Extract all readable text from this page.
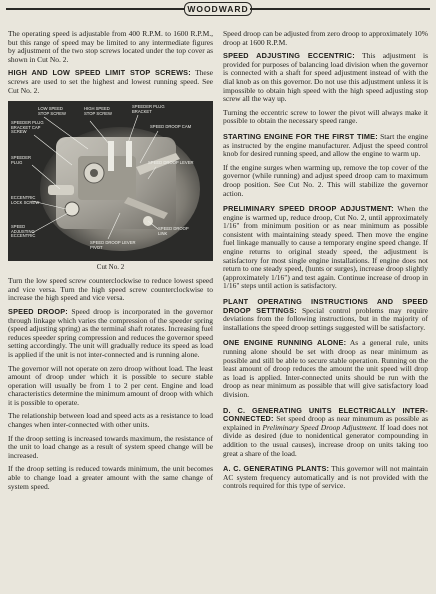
WOODWARD

The operating speed is adjustable from 400 R.P.M. to 1600 R.P.M., but this range of speed may be limited to any intermediate figures by adjustment of the two stop screws located under the top cover as shown in Cut No. 2.

HIGH AND LOW SPEED LIMIT STOP SCREWS: These screws are used to set the highest and lowest running speed. See Cut No. 2.

LOW SPEED
STOP SCREW
HIGH SPEED
STOP SCREW
SPEEDER PLUG
BRACKET
SPEEDER PLUG
BRACKET CAP
SCREW
SPEED DROOP CAM
SPEEDER
PLUG	SPEED DROOP LEVER
ECCENTRIC
LOCK SCREW
SPEED
ADJUSTING
ECCENTRIC
SPEED DROOP
LINK
SPEED DROOP LEVER
PIVOT
Cut No. 2

Turn the low speed screw counterclockwise to reduce lowest speed and vice versa. Turn the high speed screw counterclockwise to increase the high speed and vice versa.

SPEED DROOP: Speed droop is incorporated in the governor through linkage which varies the compression of the speeder spring (speed adjusting spring) as the terminal shaft rotates. Increasing fuel reduces speeder spring compression and reduces the governor speed setting accordingly. The unit will gradually reduce its speed as load is applied if the unit is not inter-connected and is running alone.

The governor will not operate on zero droop without load. The least amount of droop under which it is possible to secure stable operation will usually be from 1 to 2 per cent. Engine and load characteristics determine the minimum amount of droop with which it is possible to operate.

The relationship between load and speed acts as a resistance to load changes when inter-connected with other units.

If the droop setting is increased towards maximum, the resistance of the unit to load change as a result of system speed change will be increased.

If the droop setting is reduced towards minimum, the unit becomes able to change load a greater amount with the same change of system speed.

Speed droop can be adjusted from zero droop to approximately 10% droop at 1600 R.P.M.

SPEED ADJUSTING ECCENTRIC: This adjustment is provided for purposes of balancing load division when the governor is connected with a shaft for speed adjustment instead of with the dial knob as on this governor. Do not use this adjustment unless it is impossible to obtain high speed with the high speed adjusting stop screw all the way up.

Turning the eccentric screw to lower the pivot will always make it possible to obtain the necessary speed range.

STARTING ENGINE FOR THE FIRST TIME: Start the engine as instructed by the engine manufacturer. Adjust the speed control knob for desired running speed, and allow the engine to warm up.

If the engine surges when warming up, remove the top cover of the governor (while running) and adjust speed droop cam to maximum droop position. See Cut No. 2. This will stabilize the governor action.

PRELIMINARY SPEED DROOP ADJUSTMENT: When the engine is warmed up, reduce droop, Cut No. 2, until approximately 1/16" from minimum position or as near minimum as possible consistent with maintaining steady speed. Then move the engine fuel linkage manually to cause a temporary engine speed change. If engine returns to original steady speed, the adjustment is satisfactory for most single engine installations. If engine does not return to one steady speed, (hunts or surges), increase droop slightly (approximately 1/16") and test again. Continue increase of droop in 1/16" steps until action is satisfactory.

PLANT OPERATING INSTRUCTIONS AND SPEED DROOP SETTINGS: Special control problems may require deviations from the following instructions, but in the majority of installations the speed droop settings suggested will be satisfactory.

ONE ENGINE RUNNING ALONE: As a general rule, units running alone should be set with droop as near minimum as possible and still be able to secure stable operation. Running on the least amount of droop reduces the amount the unit speed will drop as load is applied. Inter-connected units should be run with the droop as near minimum as possible that will give satisfactory load division.

D. C. GENERATING UNITS ELECTRICALLY INTER-CONNECTED: Set speed droop as near minumum as possible as explained in Preliminary Speed Droop Adjustment. If load does not divide as desired (due to nonidentical generator compounding in addition to the usual causes), increase droop on units taking too great a share of the load.

A. C. GENERATING PLANTS: This governor will not maintain AC system frequency automatically and is not provided with the controls required for this type of service.
